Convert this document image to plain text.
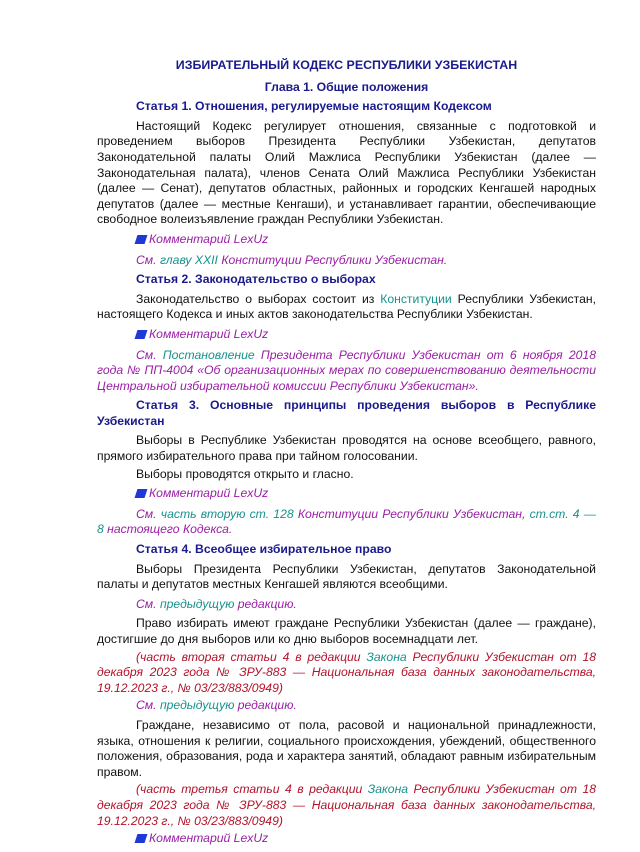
ИЗБИРАТЕЛЬНЫЙ КОДЕКС РЕСПУБЛИКИ УЗБЕКИСТАН
Глава 1. Общие положения
Статья 1. Отношения, регулируемые настоящим Кодексом
Настоящий Кодекс регулирует отношения, связанные с подготовкой и проведением выборов Президента Республики Узбекистан, депутатов Законодательной палаты Олий Мажлиса Республики Узбекистан (далее — Законодательная палата), членов Сената Олий Мажлиса Республики Узбекистан (далее — Сенат), депутатов областных, районных и городских Кенгашей народных депутатов (далее — местные Кенгаши), и устанавливает гарантии, обеспечивающие свободное волеизъявление граждан Республики Узбекистан.
Комментарий LexUz
См. главу XXII Конституции Республики Узбекистан.
Статья 2. Законодательство о выборах
Законодательство о выборах состоит из Конституции Республики Узбекистан, настоящего Кодекса и иных актов законодательства Республики Узбекистан.
Комментарий LexUz
См. Постановление Президента Республики Узбекистан от 6 ноября 2018 года № ПП-4004 «Об организационных мерах по совершенствованию деятельности Центральной избирательной комиссии Республики Узбекистан».
Статья 3. Основные принципы проведения выборов в Республике Узбекистан
Выборы в Республике Узбекистан проводятся на основе всеобщего, равного, прямого избирательного права при тайном голосовании.
Выборы проводятся открыто и гласно.
Комментарий LexUz
См. часть вторую ст. 128 Конституции Республики Узбекистан, ст.ст. 4 — 8 настоящего Кодекса.
Статья 4. Всеобщее избирательное право
Выборы Президента Республики Узбекистан, депутатов Законодательной палаты и депутатов местных Кенгашей являются всеобщими.
См. предыдущую редакцию.
Право избирать имеют граждане Республики Узбекистан (далее — граждане), достигшие до дня выборов или ко дню выборов восемнадцати лет.
(часть вторая статьи 4 в редакции Закона Республики Узбекистан от 18 декабря 2023 года № ЗРУ-883 — Национальная база данных законодательства, 19.12.2023 г., № 03/23/883/0949)
См. предыдущую редакцию.
Граждане, независимо от пола, расовой и национальной принадлежности, языка, отношения к религии, социального происхождения, убеждений, общественного положения, образования, рода и характера занятий, обладают равным избирательным правом.
(часть третья статьи 4 в редакции Закона Республики Узбекистан от 18 декабря 2023 года № ЗРУ-883 — Национальная база данных законодательства, 19.12.2023 г., № 03/23/883/0949)
Комментарий LexUz
